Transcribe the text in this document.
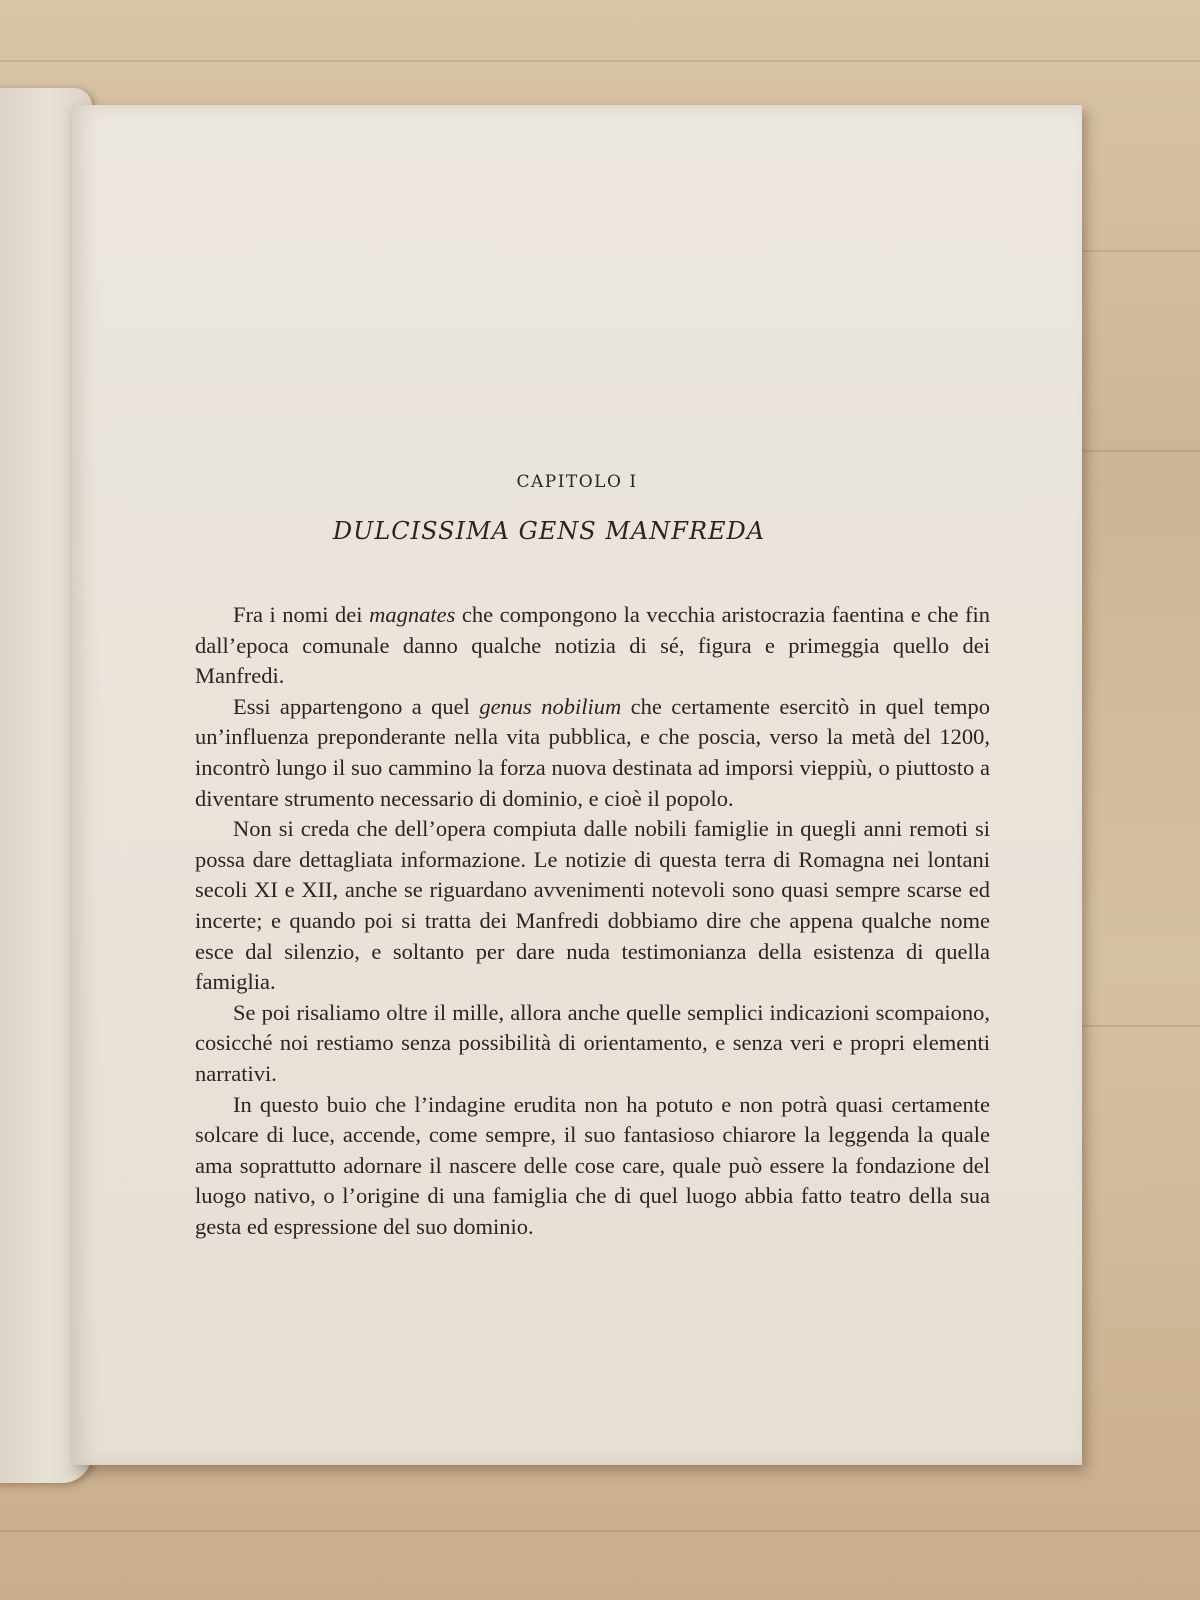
CAPITOLO I
DULCISSIMA GENS MANFREDA

Fra i nomi dei magnates che compongono la vecchia aristocrazia faentina e che fin dall’epoca comunale danno qualche notizia di sé, figura e primeggia quello dei Manfredi.

Essi appartengono a quel genus nobilium che certamente esercitò in quel tempo un’influenza preponderante nella vita pubblica, e che poscia, verso la metà del 1200, incontrò lungo il suo cammino la forza nuova destinata ad imporsi vieppiù, o piuttosto a diventare strumento necessario di dominio, e cioè il popolo.

Non si creda che dell’opera compiuta dalle nobili famiglie in quegli anni remoti si possa dare dettagliata informazione. Le notizie di questa terra di Romagna nei lontani secoli XI e XII, anche se riguardano avvenimenti notevoli sono quasi sempre scarse ed incerte; e quando poi si tratta dei Manfredi dobbiamo dire che appena qualche nome esce dal silenzio, e soltanto per dare nuda testimonianza della esistenza di quella famiglia.

Se poi risaliamo oltre il mille, allora anche quelle semplici indicazioni scompaiono, cosicché noi restiamo senza possibilità di orientamento, e senza veri e propri elementi narrativi.

In questo buio che l’indagine erudita non ha potuto e non potrà quasi certamente solcare di luce, accende, come sempre, il suo fantasioso chiarore la leggenda la quale ama soprattutto adornare il nascere delle cose care, quale può essere la fondazione del luogo nativo, o l’origine di una famiglia che di quel luogo abbia fatto teatro della sua gesta ed espressione del suo dominio.
